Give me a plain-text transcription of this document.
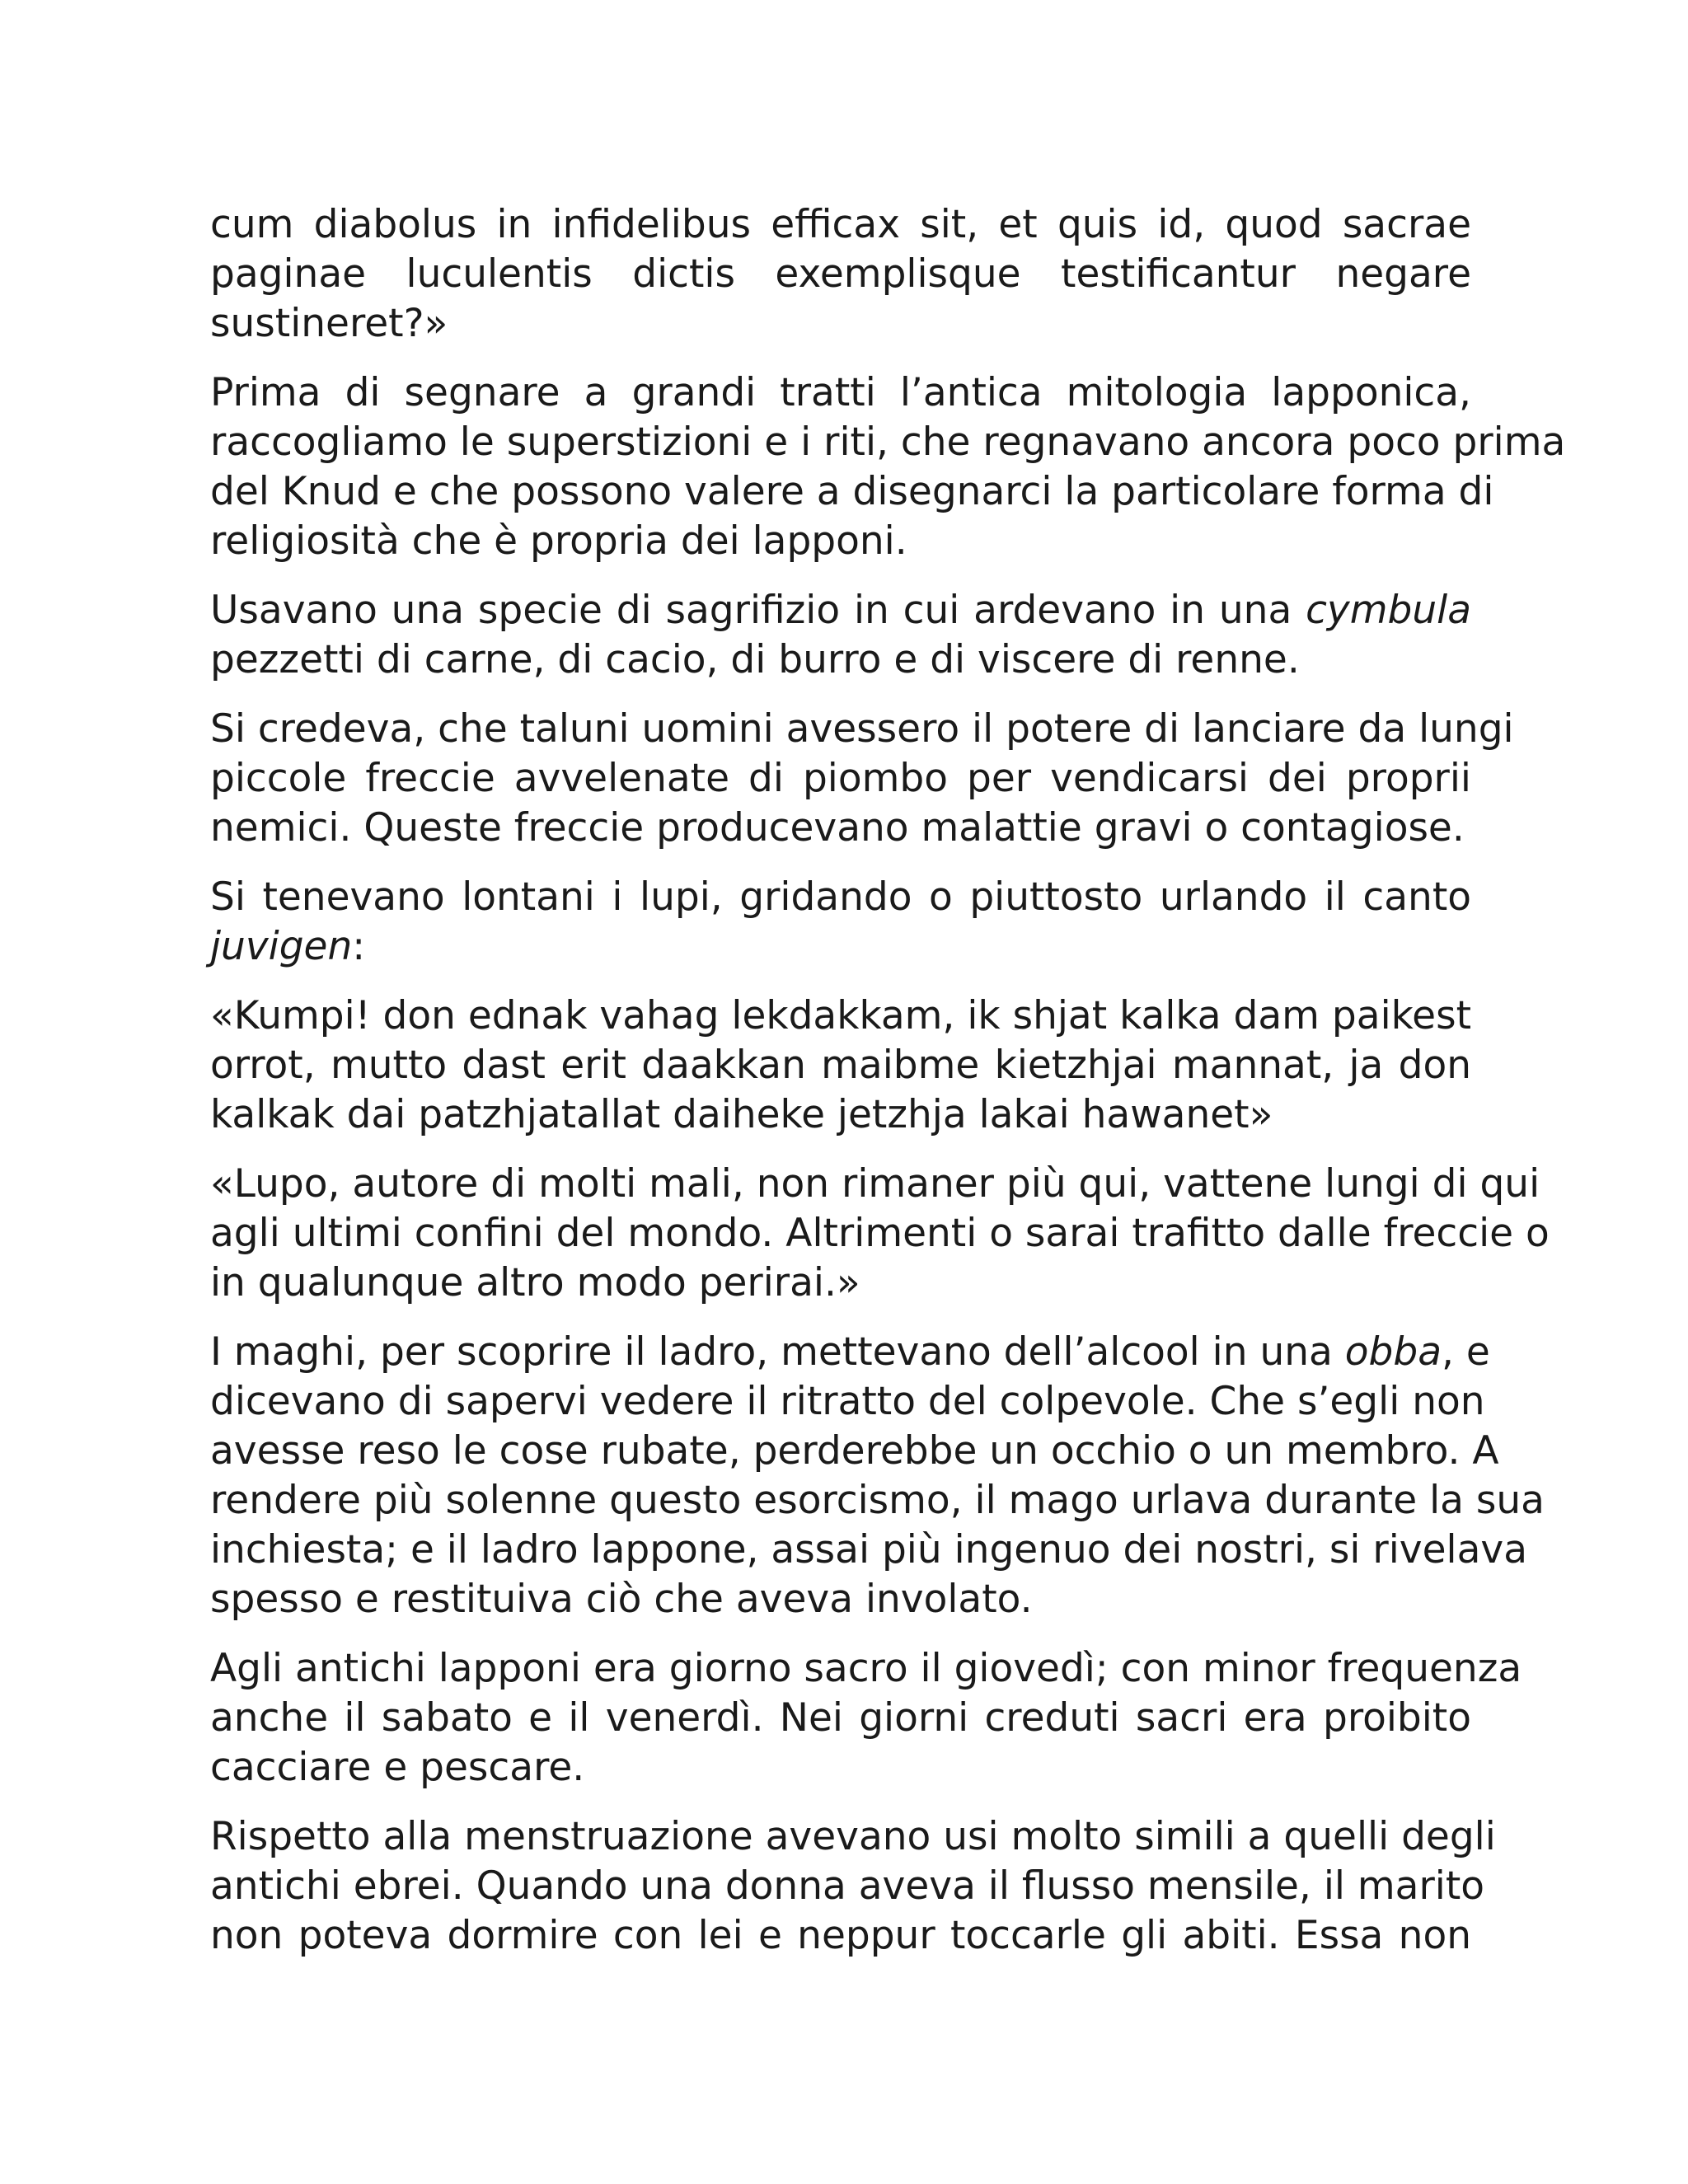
cum diabolus in infidelibus efficax sit, et quis id, quod sacrae
paginae luculentis dictis exemplisque testificantur negare
sustineret?»
Prima di segnare a grandi tratti l’antica mitologia lapponica,
raccogliamo le superstizioni e i riti, che regnavano ancora poco prima
del Knud e che possono valere a disegnarci la particolare forma di
religiosità che è propria dei lapponi.
Usavano una specie di sagrifizio in cui ardevano in una cymbula
pezzetti di carne, di cacio, di burro e di viscere di renne.
Si credeva, che taluni uomini avessero il potere di lanciare da lungi
piccole freccie avvelenate di piombo per vendicarsi dei proprii
nemici. Queste freccie producevano malattie gravi o contagiose.
Si tenevano lontani i lupi, gridando o piuttosto urlando il canto
juvigen:
«Kumpi! don ednak vahag lekdakkam, ik shjat kalka dam paikest
orrot, mutto dast erit daakkan maibme kietzhjai mannat, ja don
kalkak dai patzhjatallat daiheke jetzhja lakai hawanet»
«Lupo, autore di molti mali, non rimaner più qui, vattene lungi di qui
agli ultimi confini del mondo. Altrimenti o sarai trafitto dalle freccie o
in qualunque altro modo perirai.»
I maghi, per scoprire il ladro, mettevano dell’alcool in una obba, e
dicevano di sapervi vedere il ritratto del colpevole. Che s’egli non
avesse reso le cose rubate, perderebbe un occhio o un membro. A
rendere più solenne questo esorcismo, il mago urlava durante la sua
inchiesta; e il ladro lappone, assai più ingenuo dei nostri, si rivelava
spesso e restituiva ciò che aveva involato.
Agli antichi lapponi era giorno sacro il giovedì; con minor frequenza
anche il sabato e il venerdì. Nei giorni creduti sacri era proibito
cacciare e pescare.
Rispetto alla menstruazione avevano usi molto simili a quelli degli
antichi ebrei. Quando una donna aveva il flusso mensile, il marito
non poteva dormire con lei e neppur toccarle gli abiti. Essa non
